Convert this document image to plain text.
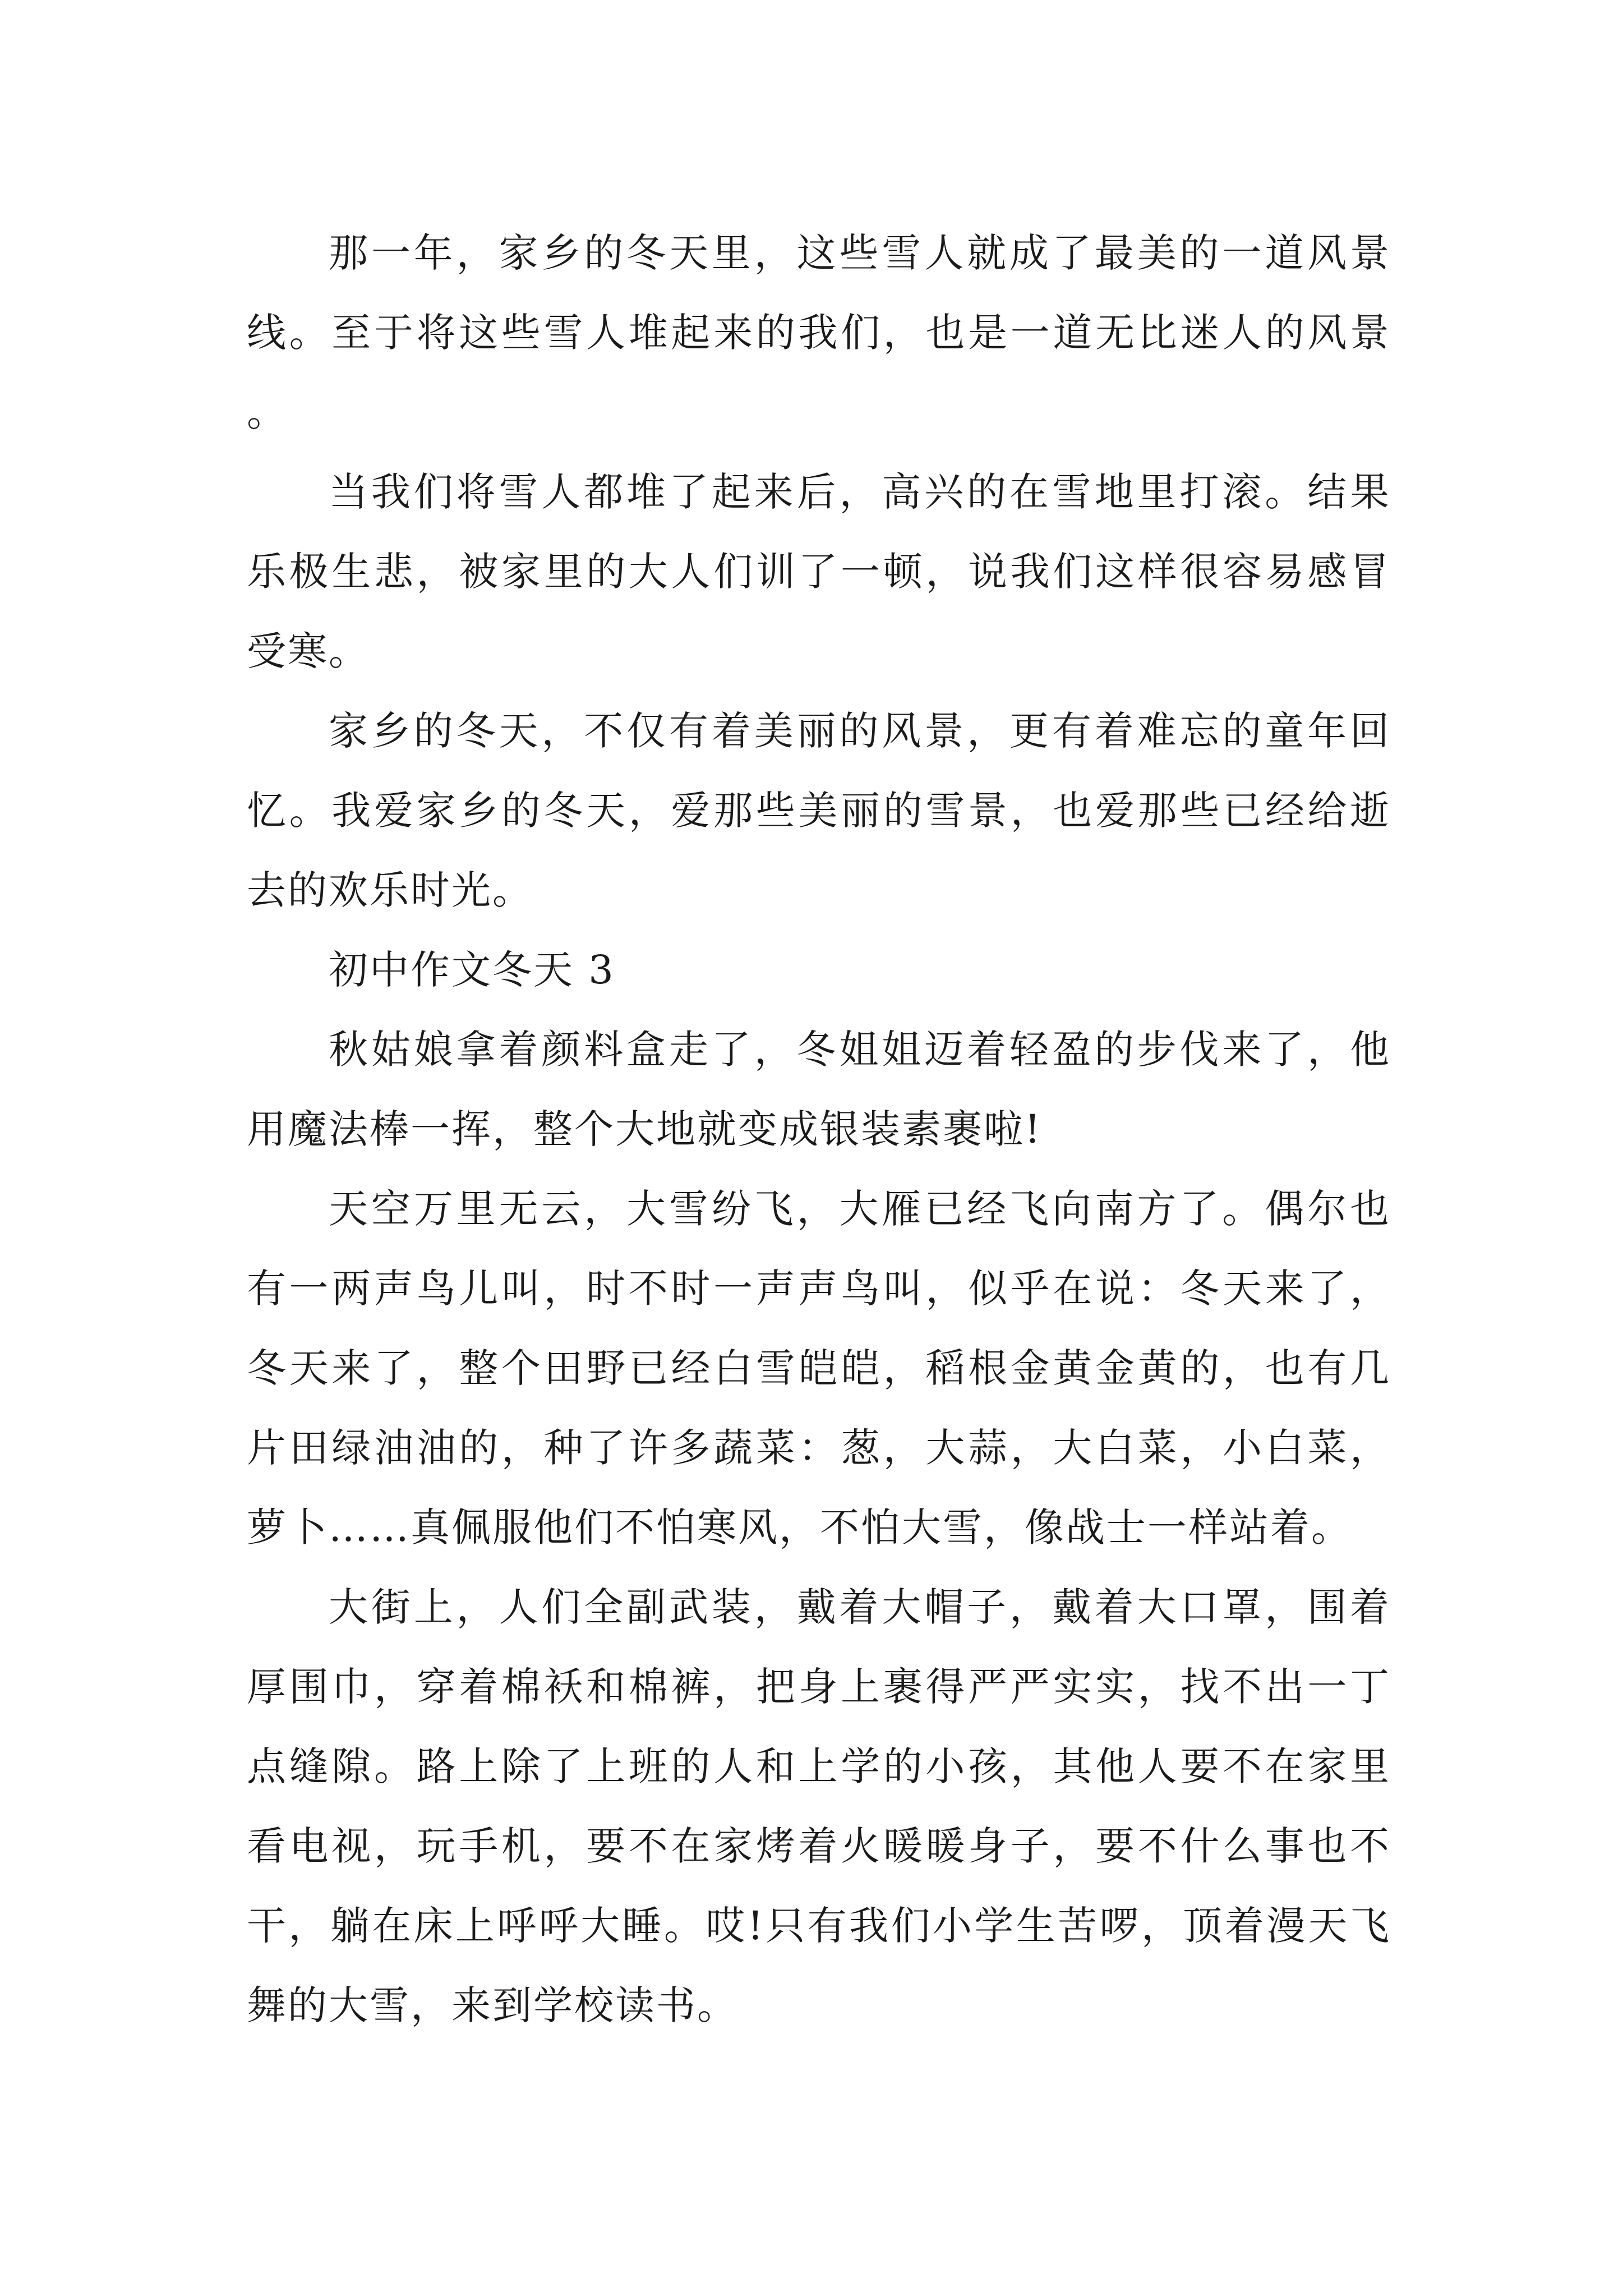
那一年，家乡的冬天里，这些雪人就成了最美的一道风景线。至于将这些雪人堆起来的我们，也是一道无比迷人的风景。

当我们将雪人都堆了起来后，高兴的在雪地里打滚。结果乐极生悲，被家里的大人们训了一顿，说我们这样很容易感冒受寒。

家乡的冬天，不仅有着美丽的风景，更有着难忘的童年回忆。我爱家乡的冬天，爱那些美丽的雪景，也爱那些已经给逝去的欢乐时光。

初中作文冬天 3

秋姑娘拿着颜料盒走了，冬姐姐迈着轻盈的步伐来了，他用魔法棒一挥，整个大地就变成银装素裹啦!

天空万里无云，大雪纷飞，大雁已经飞向南方了。偶尔也有一两声鸟儿叫，时不时一声声鸟叫，似乎在说：冬天来了，冬天来了，整个田野已经白雪皑皑，稻根金黄金黄的，也有几片田绿油油的，种了许多蔬菜：葱，大蒜，大白菜，小白菜，萝卜……真佩服他们不怕寒风，不怕大雪，像战士一样站着。

大街上，人们全副武装，戴着大帽子，戴着大口罩，围着厚围巾，穿着棉袄和棉裤，把身上裹得严严实实，找不出一丁点缝隙。路上除了上班的人和上学的小孩，其他人要不在家里看电视，玩手机，要不在家烤着火暖暖身子，要不什么事也不干，躺在床上呼呼大睡。哎!只有我们小学生苦啰，顶着漫天飞舞的大雪，来到学校读书。
